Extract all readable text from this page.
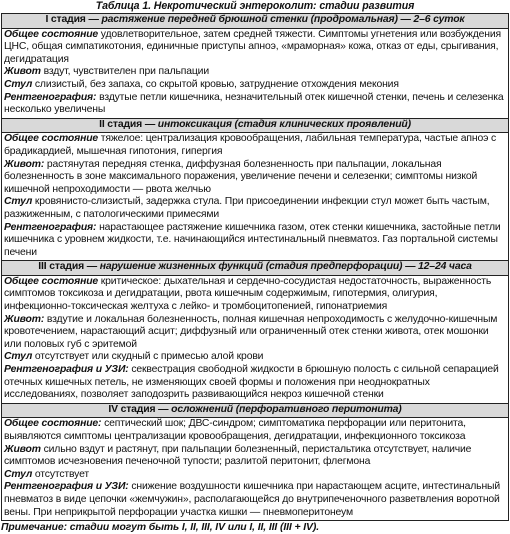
Таблица 1. Некротический энтероколит: стадии развития
I стадия — растяжение передней брюшной стенки (продромальная) — 2–6 суток

Общее состояние удовлетворительное, затем средней тяжести. Симптомы угнетения или возбуждения ЦНС, общая симпатикотония, единичные приступы апноэ, «мраморная» кожа, отказ от еды, срыгивания, дегидратация
Живот вздут, чувствителен при пальпации
Стул слизистый, без запаха, со скрытой кровью, затруднение отхождения мекония
Рентгенография: вздутые петли кишечника, незначительный отек кишечной стенки, печень и селезенка несколько увеличены

II стадия — интоксикация (стадия клинических проявлений)

Общее состояние тяжелое: централизация кровообращения, лабильная температура, частые апноэ с брадикардией, мышечная гипотония, гипергия
Живот: растянутая передняя стенка, диффузная болезненность при пальпации, локальная болезненность в зоне максимального поражения, увеличение печени и селезенки; симптомы низкой кишечной непроходимости — рвота желчью
Стул кровянисто-слизистый, задержка стула. При присоединении инфекции стул может быть частым, разжиженным, с патологическими примесями
Рентгенография: нарастающее растяжение кишечника газом, отек стенки кишечника, застойные петли кишечника с уровнем жидкости, т.е. начинающийся интестинальный пневматоз. Газ портальной системы печени

III стадия — нарушение жизненных функций (стадия предперфорации) — 12–24 часа

Общее состояние критическое: дыхательная и сердечно-сосудистая недостаточность, выраженность симптомов токсикоза и дегидратации, рвота кишечным содержимым, гипотермия, олигурия, инфекционно-токсическая желтуха с лейко- и тромбоцитопенией, гипонатриемия
Живот: вздутие и локальная болезненность, полная кишечная непроходимость с желудочно-кишечным кровотечением, нарастающий асцит; диффузный или ограниченный отек стенки живота, отек мошонки или половых губ с эритемой
Стул отсутствует или скудный с примесью алой крови
Рентгенография и УЗИ: секвестрация свободной жидкости в брюшную полость с сильной сепарацией отечных кишечных петель, не изменяющих своей формы и положения при неоднократных исследованиях, позволяет заподозрить развивающийся некроз кишечной стенки

IV стадия — осложнений (перфоративного перитонита)

Общее состояние: септический шок; ДВС-синдром; симптоматика перфорации или перитонита, выявляются симптомы централизации кровообращения, дегидратации, инфекционного токсикоза
Живот сильно вздут и растянут, при пальпации болезненный, перистальтика отсутствует, наличие симптомов исчезновения печеночной тупости; разлитой перитонит, флегмона
Стул отсутствует
Рентгенография и УЗИ: снижение воздушности кишечника при нарастающем асците, интестинальный пневматоз в виде цепочки «жемчужин», располагающейся до внутрипеченочного разветвления воротной вены. При неприкрытой перфорации участка кишки — пневмоперитонеум
Примечание: стадии могут быть I, II, III, IV или I, II, III (III + IV).
